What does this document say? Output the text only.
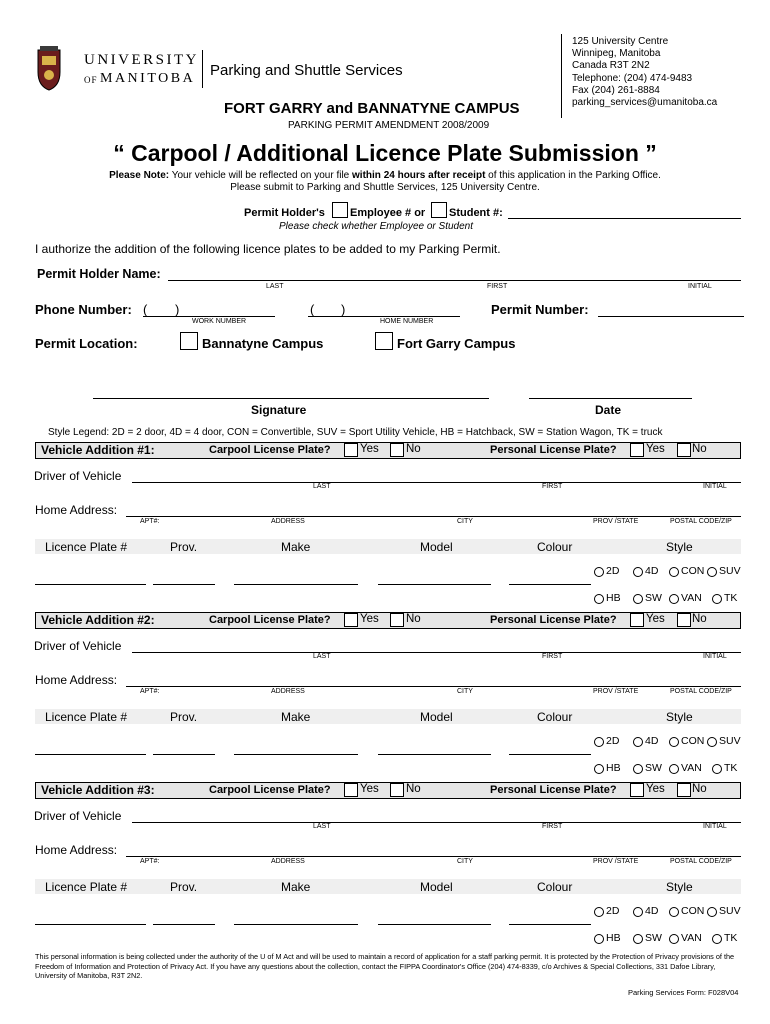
UNIVERSITY
OF MANITOBA Parking and Shuttle Services
125 University Centre
Winnipeg, Manitoba
Canada R3T 2N2
Telephone: (204) 474-9483
Fax (204) 261-8884
parking_services@umanitoba.ca
FORT GARRY and BANNATYNE CAMPUS
PARKING PERMIT AMENDMENT 2008/2009
“ Carpool / Additional Licence Plate Submission ”
Please Note: Your vehicle will be reflected on your file within 24 hours after receipt of this application in the Parking Office.
Please submit to Parking and Shuttle Services, 125 University Centre.
Permit Holder's Employee # or Student #:
Please check whether Employee or Student
I authorize the addition of the following licence plates to be added to my Parking Permit.
Permit Holder Name:
LAST	FIRST	INITIAL
Phone Number: ( )
WORK NUMBER
( )
HOME NUMBER
Permit Number:
Permit Location:	Bannatyne Campus	Fort Garry Campus
Signature	Date
Style Legend: 2D = 2 door, 4D = 4 door, CON = Convertible, SUV = Sport Utility Vehicle, HB = Hatchback, SW = Station Wagon, TK = truck
Vehicle Addition #1:	Carpool License Plate?	Yes No	Personal License Plate?	Yes No
Driver of Vehicle
LAST	FIRST	INITIAL
Home Address:
APT#:	ADDRESS	CITY	PROV /STATE	POSTAL CODE/ZIP
Licence Plate #	Prov.	Make	Model	Colour	Style
2D 4D CON SUV
HB SW VAN TK
Vehicle Addition #2:	Carpool License Plate?	Yes No	Personal License Plate?	Yes No
Driver of Vehicle
LAST	FIRST	INITIAL
Home Address:
APT#:	ADDRESS	CITY	PROV /STATE	POSTAL CODE/ZIP
Licence Plate #	Prov.	Make	Model	Colour	Style
2D 4D CON SUV
HB SW VAN TK
Vehicle Addition #3:	Carpool License Plate?	Yes No	Personal License Plate?	Yes No
Driver of Vehicle
LAST	FIRST	INITIAL
Home Address:
APT#:	ADDRESS	CITY	PROV /STATE	POSTAL CODE/ZIP
Licence Plate #	Prov.	Make	Model	Colour	Style
2D 4D CON SUV
HB SW VAN TK
This personal information is being collected under the authority of the U of M Act and will be used to maintain a record of application for a staff parking permit. It is protected by the Protection of Privacy provisions of the Freedom of Information and Protection of Privacy Act. If you have any questions about the collection, contact the FIPPA Coordinator's Office (204) 474-8339, c/o Archives & Special Collections, 331 Dafoe Library, University of Manitoba, R3T 2N2.
Parking Services Form: F028V04
